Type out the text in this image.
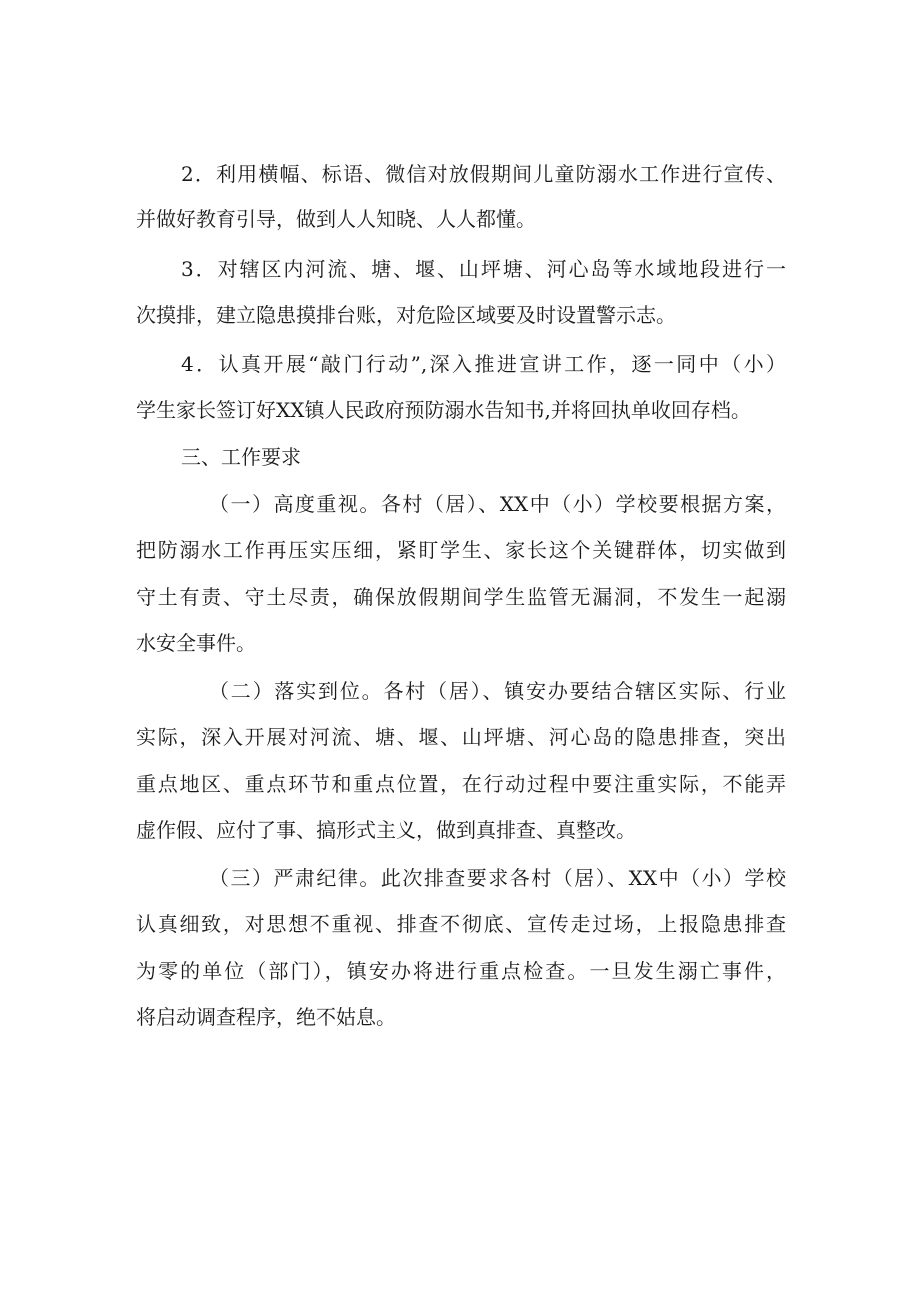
2．利用横幅、标语、微信对放假期间儿童防溺水工作进行宣传、
并做好教育引导，做到人人知晓、人人都懂。
3．对辖区内河流、塘、堰、山坪塘、河心岛等水域地段进行一
次摸排，建立隐患摸排台账，对危险区域要及时设置警示志。
4．认真开展“敲门行动”,深入推进宣讲工作，逐一同中（小）
学生家长签订好XX镇人民政府预防溺水告知书,并将回执单收回存档。
三、工作要求
（一）高度重视。各村（居）、XX中（小）学校要根据方案，
把防溺水工作再压实压细，紧盯学生、家长这个关键群体，切实做到
守土有责、守土尽责，确保放假期间学生监管无漏洞，不发生一起溺
水安全事件。
（二）落实到位。各村（居）、镇安办要结合辖区实际、行业
实际，深入开展对河流、塘、堰、山坪塘、河心岛的隐患排查，突出
重点地区、重点环节和重点位置，在行动过程中要注重实际，不能弄
虚作假、应付了事、搞形式主义，做到真排查、真整改。
（三）严肃纪律。此次排查要求各村（居）、XX中（小）学校
认真细致，对思想不重视、排查不彻底、宣传走过场，上报隐患排查
为零的单位（部门），镇安办将进行重点检查。一旦发生溺亡事件，
将启动调查程序，绝不姑息。
